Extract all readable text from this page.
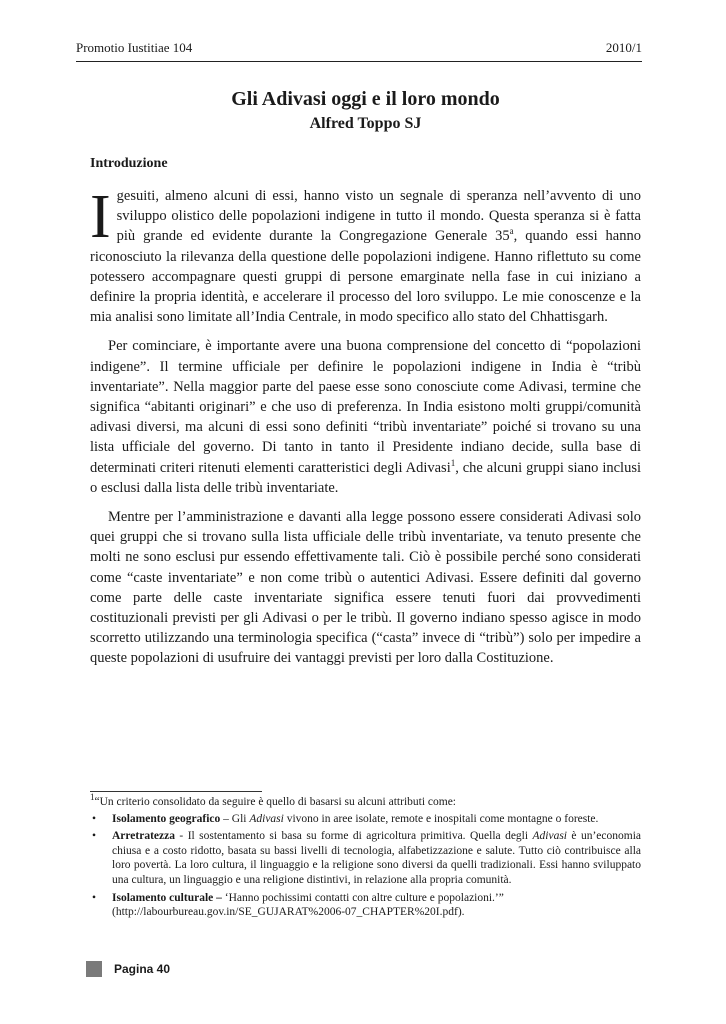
Promotio Iustitiae 104	2010/1
Gli Adivasi oggi e il loro mondo
Alfred Toppo SJ
Introduzione

I gesuiti, almeno alcuni di essi, hanno visto un segnale di speranza nell’avvento di uno sviluppo olistico delle popolazioni indigene in tutto il mondo. Questa speranza si è fatta più grande ed evidente durante la Congregazione Generale 35$^a$, quando essi hanno riconosciuto la rilevanza della questione delle popolazioni indigene. Hanno riflettuto su come potessero accompagnare questi gruppi di persone emarginate nella fase in cui iniziano a definire la propria identità, e accelerare il processo del loro sviluppo. Le mie conoscenze e la mia analisi sono limitate all’India Centrale, in modo specifico allo stato del Chhattisgarh.

Per cominciare, è importante avere una buona comprensione del concetto di “popolazioni indigene”. Il termine ufficiale per definire le popolazioni indigene in India è “tribù inventariate”. Nella maggior parte del paese esse sono conosciute come Adivasi, termine che significa “abitanti originari” e che uso di preferenza. In India esistono molti gruppi/comunità adivasi diversi, ma alcuni di essi sono definiti “tribù inventariate” poiché si trovano su una lista ufficiale del governo. Di tanto in tanto il Presidente indiano decide, sulla base di determinati criteri ritenuti elementi caratteristici degli Adivasi$^1$, che alcuni gruppi siano inclusi o esclusi dalla lista delle tribù inventariate.

Mentre per l’amministrazione e davanti alla legge possono essere considerati Adivasi solo quei gruppi che si trovano sulla lista ufficiale delle tribù inventariate, va tenuto presente che molti ne sono esclusi pur essendo effettivamente tali. Ciò è possibile perché sono considerati come “caste inventariate” e non come tribù o autentici Adivasi. Essere definiti dal governo come parte delle caste inventariate significa essere tenuti fuori dai provvedimenti costituzionali previsti per gli Adivasi o per le tribù. Il governo indiano spesso agisce in modo scorretto utilizzando una terminologia specifica (“casta” invece di “tribù”) solo per impedire a queste popolazioni di usufruire dei vantaggi previsti per loro dalla Costituzione.

$^1$“Un criterio consolidato da seguire è quello di basarsi su alcuni attributi come:

• Isolamento geografico – Gli Adivasi vivono in aree isolate, remote e inospitali come montagne o foreste.
• Arretratezza - Il sostentamento si basa su forme di agricoltura primitiva. Quella degli Adivasi è un’economia chiusa e a costo ridotto, basata su bassi livelli di tecnologia, alfabetizzazione e salute. Tutto ciò contribuisce alla loro povertà. La loro cultura, il linguaggio e la religione sono diversi da quelli tradizionali. Essi hanno sviluppato una cultura, un linguaggio e una religione distintivi, in relazione alla propria comunità.
• Isolamento culturale – ‘Hanno pochissimi contatti con altre culture e popolazioni.’”
(http://labourbureau.gov.in/SE_GUJARAT%2006-07_CHAPTER%20I.pdf).
Pagina 40
